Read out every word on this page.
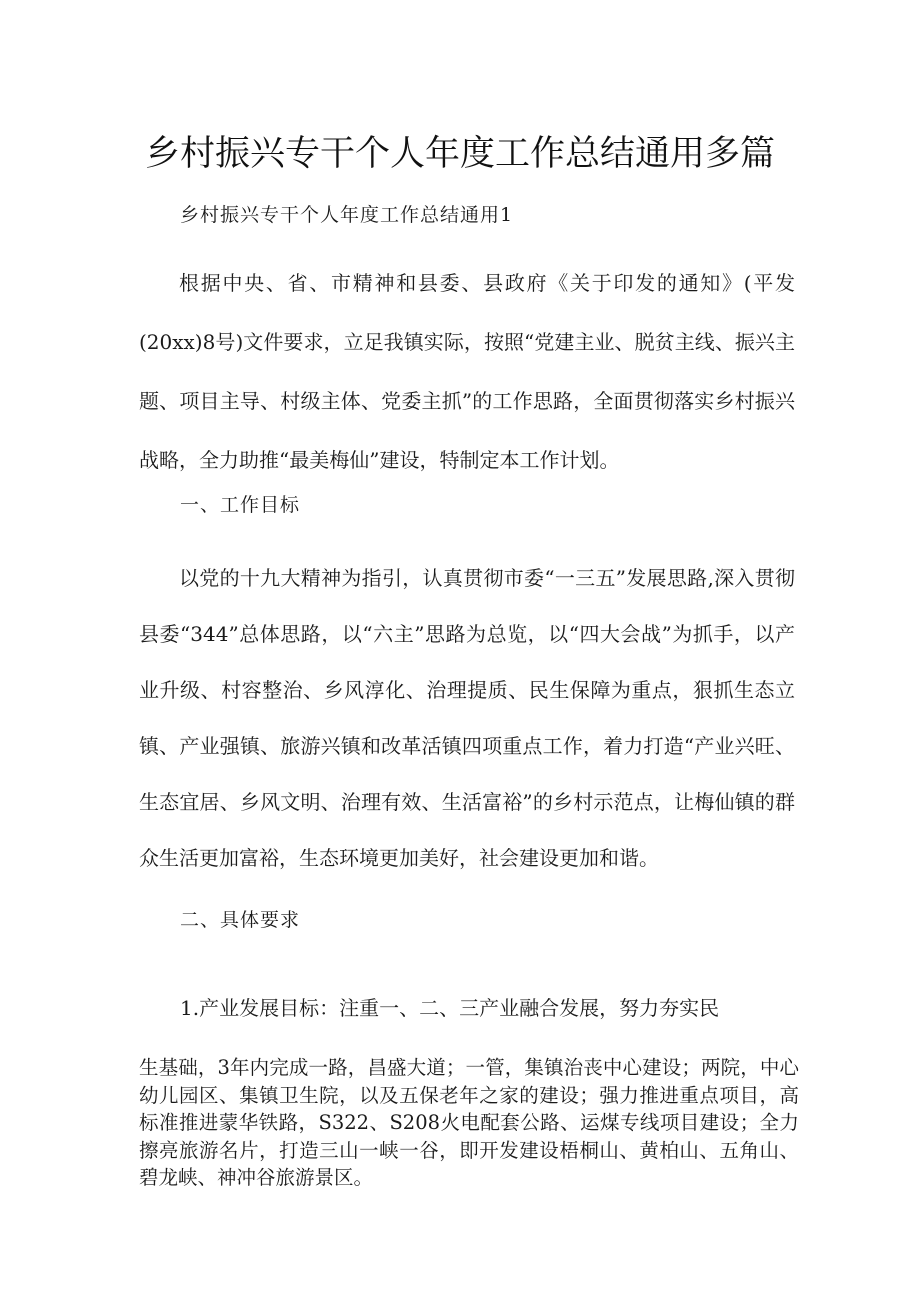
乡村振兴专干个人年度工作总结通用多篇
乡村振兴专干个人年度工作总结通用1

根据中央、省、市精神和县委、县政府《关于印发的通知》(平发(20xx)8号)文件要求，立足我镇实际，按照“党建主业、脱贫主线、振兴主题、项目主导、村级主体、党委主抓”的工作思路，全面贯彻落实乡村振兴战略，全力助推“最美梅仙”建设，特制定本工作计划。

一、工作目标

以党的十九大精神为指引，认真贯彻市委“一三五”发展思路,深入贯彻县委“344”总体思路，以“六主”思路为总览，以“四大会战”为抓手，以产业升级、村容整治、乡风淳化、治理提质、民生保障为重点，狠抓生态立镇、产业强镇、旅游兴镇和改革活镇四项重点工作，着力打造“产业兴旺、生态宜居、乡风文明、治理有效、生活富裕”的乡村示范点，让梅仙镇的群众生活更加富裕，生态环境更加美好，社会建设更加和谐。

二、具体要求
1.产业发展目标：注重一、二、三产业融合发展，努力夯实民

生基础，3年内完成一路，昌盛大道；一管，集镇治丧中心建设；两院，中心幼儿园区、集镇卫生院，以及五保老年之家的建设；强力推进重点项目，高标准推进蒙华铁路，S322、S208火电配套公路、运煤专线项目建设；全力擦亮旅游名片，打造三山一峡一谷，即开发建设梧桐山、黄柏山、五角山、碧龙峡、神冲谷旅游景区。
